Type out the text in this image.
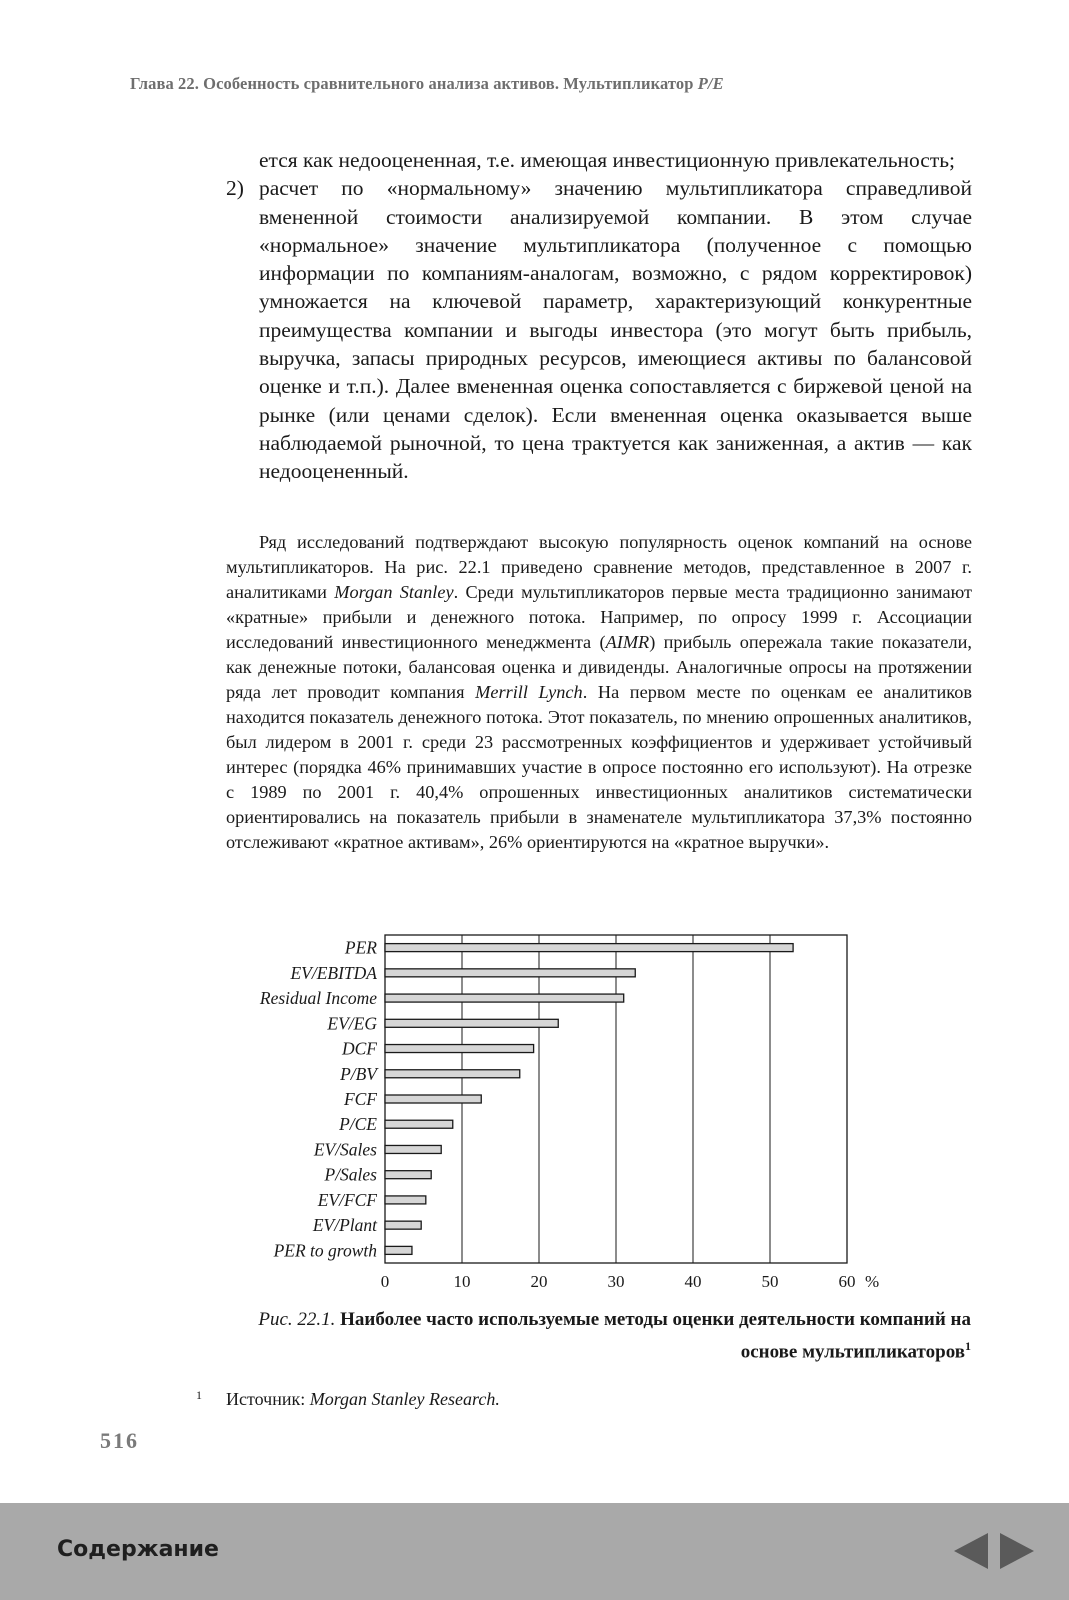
Глава 22. Особенность сравнительного анализа активов. Мультипликатор P/E

ется как недооцененная, т.е. имеющая инвестиционную привлекательность;

2) расчет по «нормальному» значению мультипликатора справедливой вмененной стоимости анализируемой компании. В этом случае «нормальное» значение мультипликатора (полученное с помощью информации по компаниям-аналогам, возможно, с рядом корректировок) умножается на ключевой параметр, характеризующий конкурентные преимущества компании и выгоды инвестора (это могут быть прибыль, выручка, запасы природных ресурсов, имеющиеся активы по балансовой оценке и т.п.). Далее вмененная оценка сопоставляется с биржевой ценой на рынке (или ценами сделок). Если вмененная оценка оказывается выше наблюдаемой рыночной, то цена трактуется как заниженная, а актив — как недооцененный.

Ряд исследований подтверждают высокую популярность оценок компаний на основе мультипликаторов. На рис. 22.1 приведено сравнение методов, представленное в 2007 г. аналитиками Morgan Stanley. Среди мультипликаторов первые места традиционно занимают «кратные» прибыли и денежного потока. Например, по опросу 1999 г. Ассоциации исследований инвестиционного менеджмента (AIMR) прибыль опережала такие показатели, как денежные потоки, балансовая оценка и дивиденды. Аналогичные опросы на протяжении ряда лет проводит компания Merrill Lynch. На первом месте по оценкам ее аналитиков находится показатель денежного потока. Этот показатель, по мнению опрошенных аналитиков, был лидером в 2001 г. среди 23 рассмотренных коэффициентов и удерживает устойчивый интерес (порядка 46% принимавших участие в опросе постоянно его используют). На отрезке с 1989 по 2001 г. 40,4% опрошенных инвестиционных аналитиков систематически ориентировались на показатель прибыли в знаменателе мультипликатора 37,3% постоянно отслеживают «кратное активам», 26% ориентируются на «кратное выручки».

PER
EV/EBITDA
Residual Income
EV/EG
DCF
P/BV
FCF
P/CE
EV/Sales
P/Sales
EV/FCF
EV/Plant
PER to growth
0	10	20	30	40	50	60 %
Рис. 22.1. Наиболее часто используемые методы оценки деятельности компаний на основе мультипликаторов$^1$
1 Источник: Morgan Stanley Research.
516
Содержание
